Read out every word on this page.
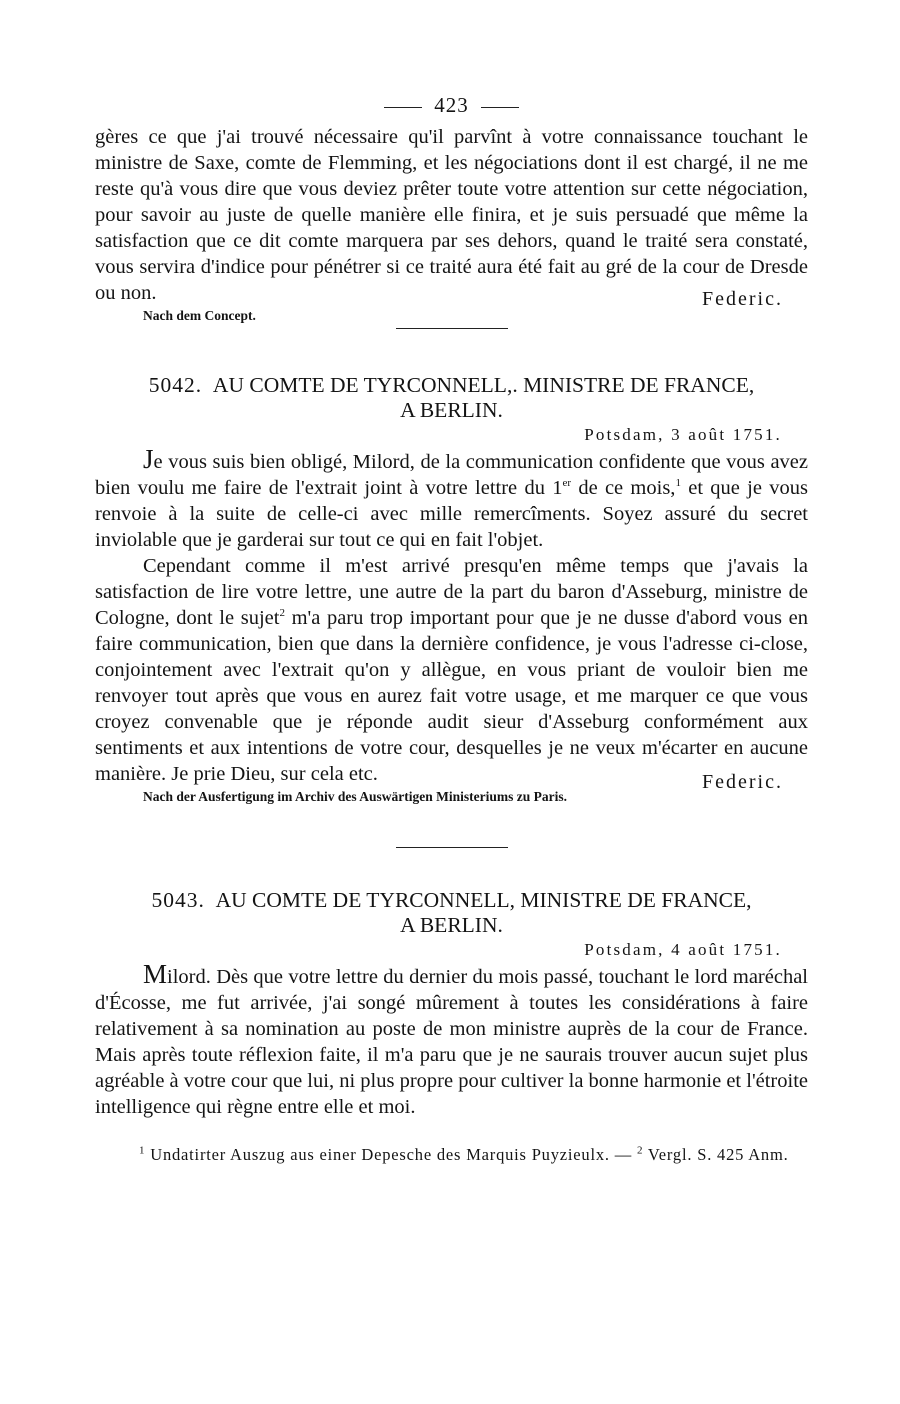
423

gères ce que j'ai trouvé nécessaire qu'il parvînt à votre connaissance touchant le ministre de Saxe, comte de Flemming, et les négociations dont il est chargé, il ne me reste qu'à vous dire que vous deviez prêter toute votre attention sur cette négociation, pour savoir au juste de quelle manière elle finira, et je suis persuadé que même la satisfaction que ce dit comte marquera par ses dehors, quand le traité sera constaté, vous servira d'indice pour pénétrer si ce traité aura été fait au gré de la cour de Dresde ou non.

Nach dem Concept.
Federic.
5042. AU COMTE DE TYRCONNELL,. MINISTRE DE FRANCE,
A BERLIN.
Potsdam, 3 août 1751.

Je vous suis bien obligé, Milord, de la communication confidente que vous avez bien voulu me faire de l'extrait joint à votre lettre du 1er de ce mois,$^1$ et que je vous renvoie à la suite de celle-ci avec mille remercîments. Soyez assuré du secret inviolable que je garderai sur tout ce qui en fait l'objet.

Cependant comme il m'est arrivé presqu'en même temps que j'avais la satisfaction de lire votre lettre, une autre de la part du baron d'Asseburg, ministre de Cologne, dont le sujet$^2$ m'a paru trop important pour que je ne dusse d'abord vous en faire communication, bien que dans la dernière confidence, je vous l'adresse ci-close, conjointement avec l'extrait qu'on y allègue, en vous priant de vouloir bien me renvoyer tout après que vous en aurez fait votre usage, et me marquer ce que vous croyez convenable que je réponde audit sieur d'Asseburg conformément aux sentiments et aux intentions de votre cour, desquelles je ne veux m'écarter en aucune manière. Je prie Dieu, sur cela etc.

Nach der Ausfertigung im Archiv des Auswärtigen Ministeriums zu Paris.
Federic.
5043. AU COMTE DE TYRCONNELL, MINISTRE DE FRANCE,
A BERLIN.
Potsdam, 4 août 1751.

Milord. Dès que votre lettre du dernier du mois passé, touchant le lord maréchal d'Écosse, me fut arrivée, j'ai songé mûrement à toutes les considérations à faire relativement à sa nomination au poste de mon ministre auprès de la cour de France. Mais après toute réflexion faite, il m'a paru que je ne saurais trouver aucun sujet plus agréable à votre cour que lui, ni plus propre pour cultiver la bonne harmonie et l'étroite intelligence qui règne entre elle et moi.

$^1$ Undatirter Auszug aus einer Depesche des Marquis Puyzieulx. — $^2$ Vergl. S. 425 Anm.
